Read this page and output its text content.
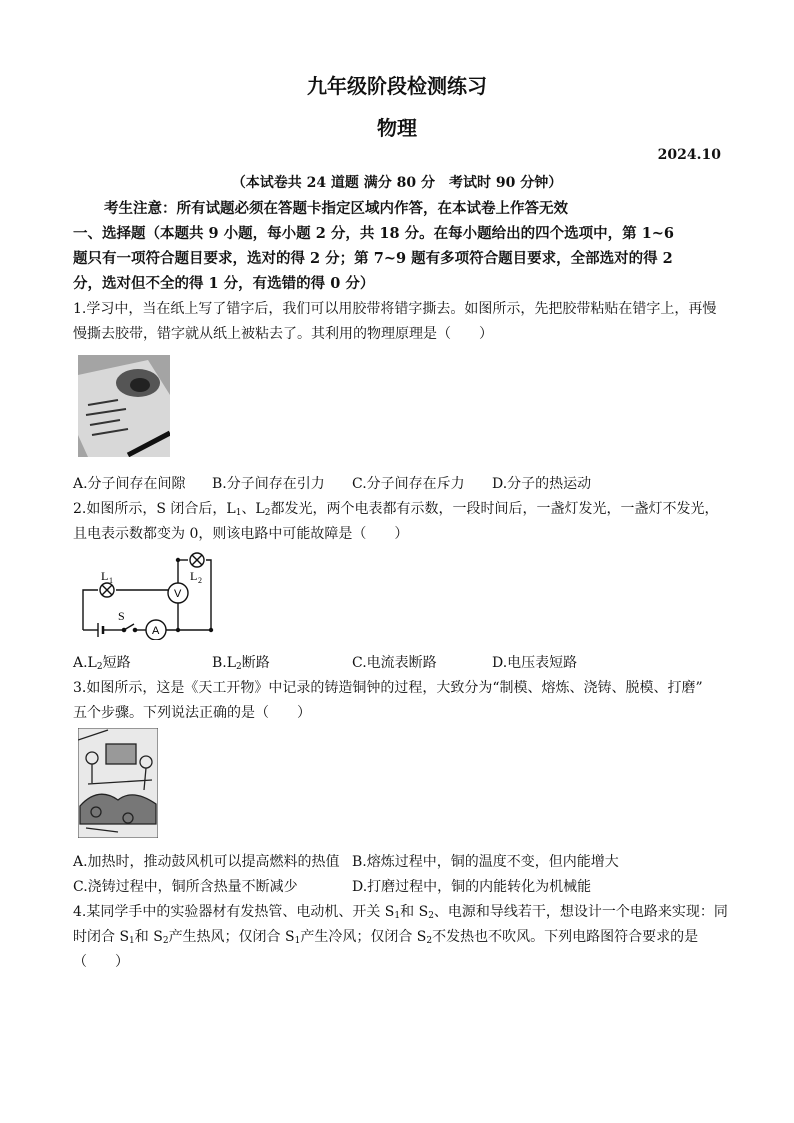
九年级阶段检测练习
物理
2024.10
（本试卷共 24 道题 满分 80 分　考试时 90 分钟）
考生注意：所有试题必须在答题卡指定区域内作答，在本试卷上作答无效
一、选择题（本题共 9 小题，每小题 2 分，共 18 分。在每小题给出的四个选项中，第 1~6
题只有一项符合题目要求，选对的得 2 分；第 7~9 题有多项符合题目要求，全部选对的得 2
分，选对但不全的得 1 分，有选错的得 0 分）
1.学习中，当在纸上写了错字后，我们可以用胶带将错字撕去。如图所示，先把胶带粘贴在错字上，再慢
慢撕去胶带，错字就从纸上被粘去了。其利用的物理原理是（　　）
A.分子间存在间隙 B.分子间存在引力 C.分子间存在斥力 D.分子的热运动
2.如图所示，S 闭合后，$L_1$、$L_2$都发光，两个电表都有示数，一段时间后，一盏灯发光，一盏灯不发光，
且电表示数都变为 0，则该电路中可能故障是（　　）
V
A
L 1	L 2
S
$A.L_2$短路	$B.L_2$断路	C.电流表断路	D.电压表短路
3.如图所示，这是《天工开物》中记录的铸造铜钟的过程，大致分为“制模、熔炼、浇铸、脱模、打磨”
五个步骤。下列说法正确的是（　　）
A.加热时，推动鼓风机可以提高燃料的热值 B.熔炼过程中，铜的温度不变，但内能增大
C.浇铸过程中，铜所含热量不断减少	D.打磨过程中，铜的内能转化为机械能
4.某同学手中的实验器材有发热管、电动机、开关 $S_1$和 $S_2$、电源和导线若干，想设计一个电路来实现：同
时闭合 $S_1$和 $S_2$产生热风；仅闭合 $S_1$产生冷风；仅闭合 $S_2$不发热也不吹风。下列电路图符合要求的是
（　　）
